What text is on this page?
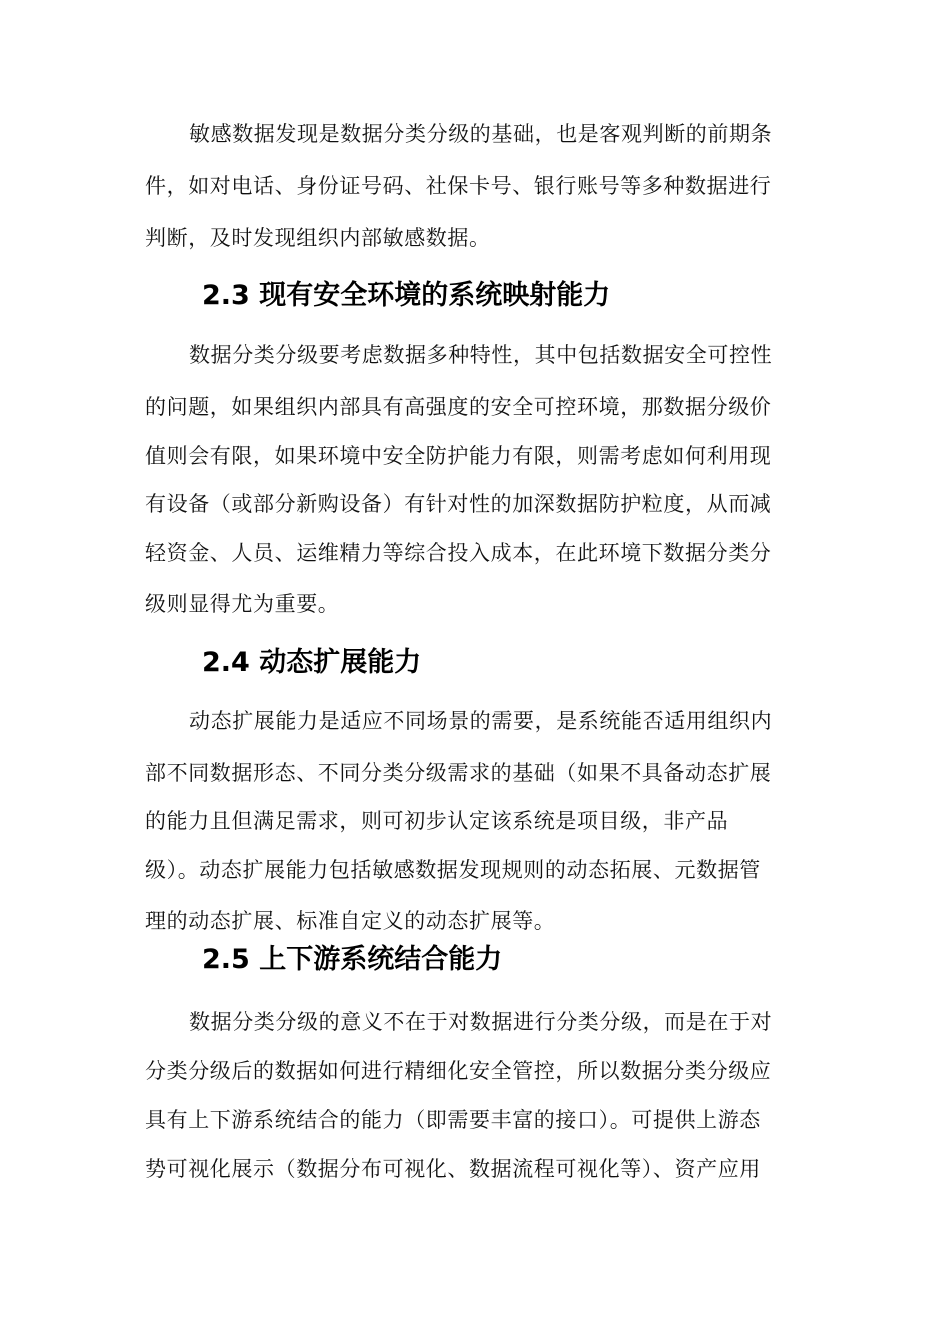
敏感数据发现是数据分类分级的基础，也是客观判断的前期条
件，如对电话、身份证号码、社保卡号、银行账号等多种数据进行
判断，及时发现组织内部敏感数据。
2.3 现有安全环境的系统映射能力
数据分类分级要考虑数据多种特性，其中包括数据安全可控性
的问题，如果组织内部具有高强度的安全可控环境，那数据分级价
值则会有限，如果环境中安全防护能力有限，则需考虑如何利用现
有设备（或部分新购设备）有针对性的加深数据防护粒度，从而减
轻资金、人员、运维精力等综合投入成本，在此环境下数据分类分
级则显得尤为重要。
2.4 动态扩展能力
动态扩展能力是适应不同场景的需要，是系统能否适用组织内
部不同数据形态、不同分类分级需求的基础（如果不具备动态扩展
的能力且但满足需求，则可初步认定该系统是项目级，非产品
级）。动态扩展能力包括敏感数据发现规则的动态拓展、元数据管
理的动态扩展、标准自定义的动态扩展等。
2.5 上下游系统结合能力
数据分类分级的意义不在于对数据进行分类分级，而是在于对
分类分级后的数据如何进行精细化安全管控，所以数据分类分级应
具有上下游系统结合的能力（即需要丰富的接口）。可提供上游态
势可视化展示（数据分布可视化、数据流程可视化等）、资产应用
